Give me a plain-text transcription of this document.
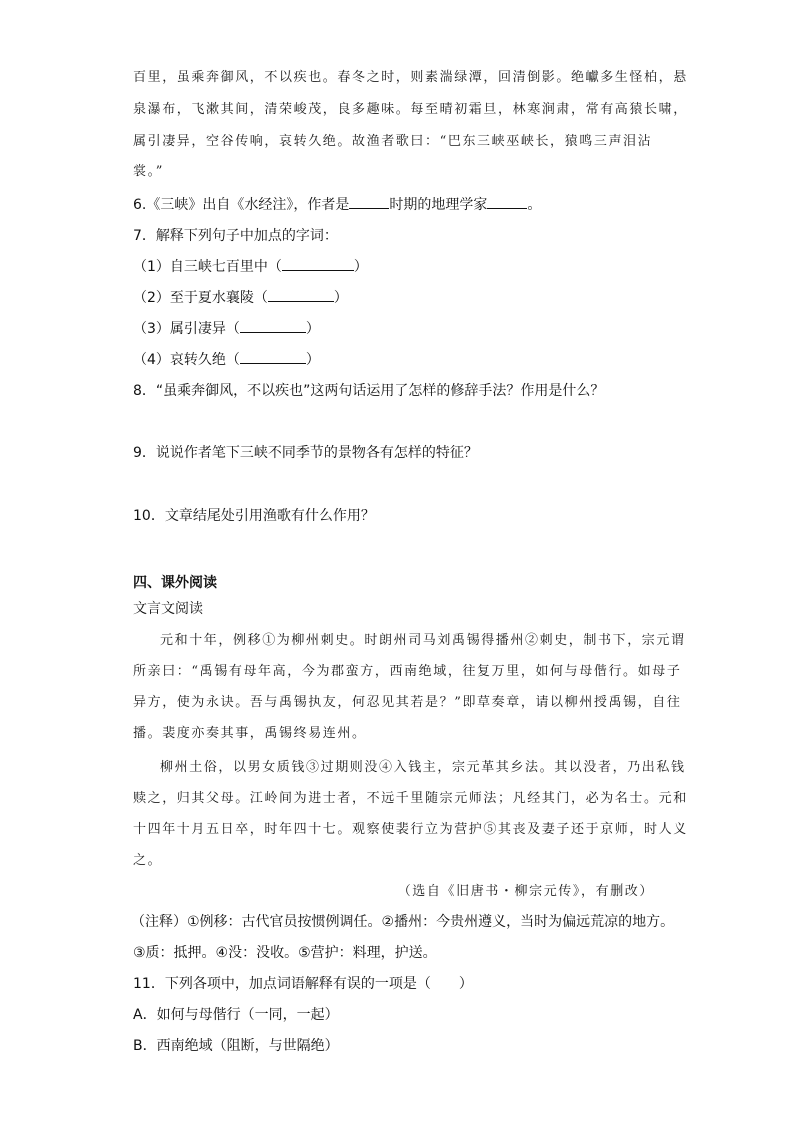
百里，虽乘奔御风，不以疾也。春冬之时，则素湍绿潭，回清倒影。绝巘多生怪柏，悬
泉瀑布，飞漱其间，清荣峻茂，良多趣味。每至晴初霜旦，林寒涧肃，常有高猿长啸，
属引凄异，空谷传响，哀转久绝。故渔者歌曰：“巴东三峡巫峡长，猿鸣三声泪沾
裳。”
6.《三峡》出自《水经注》，作者是	时期的地理学家	。
7．解释下列句子中加点的字词：
（1）自三峡七百里中（	）
（2）至于夏水襄陵（	）
（3）属引凄异（	）
（4）哀转久绝（	）
8．“虽乘奔御风，不以疾也”这两句话运用了怎样的修辞手法？作用是什么？
9．说说作者笔下三峡不同季节的景物各有怎样的特征？
10．文章结尾处引用渔歌有什么作用？
四、课外阅读
文言文阅读
元和十年，例移①为柳州刺史。时朗州司马刘禹锡得播州②刺史，制书下，宗元谓
所亲曰：“禹锡有母年高，今为郡蛮方，西南绝域，往复万里，如何与母偕行。如母子
异方，使为永诀。吾与禹锡执友，何忍见其若是？”即草奏章，请以柳州授禹锡，自往
播。裴度亦奏其事，禹锡终易连州。
柳州土俗，以男女质钱③过期则没④入钱主，宗元革其乡法。其以没者，乃出私钱
赎之，归其父母。江岭间为进士者，不远千里随宗元师法；凡经其门，必为名士。元和
十四年十月五日卒，时年四十七。观察使裴行立为营护⑤其丧及妻子还于京师，时人义
之。
（选自《旧唐书・柳宗元传》，有删改）
（注释）①例移：古代官员按惯例调任。②播州：今贵州遵义，当时为偏远荒凉的地方。
③质：抵押。④没：没收。⑤营护：料理，护送。
11．下列各项中，加点词语解释有误的一项是（　　）
A．如何与母偕行（一同，一起）
B．西南绝域（阻断，与世隔绝）
